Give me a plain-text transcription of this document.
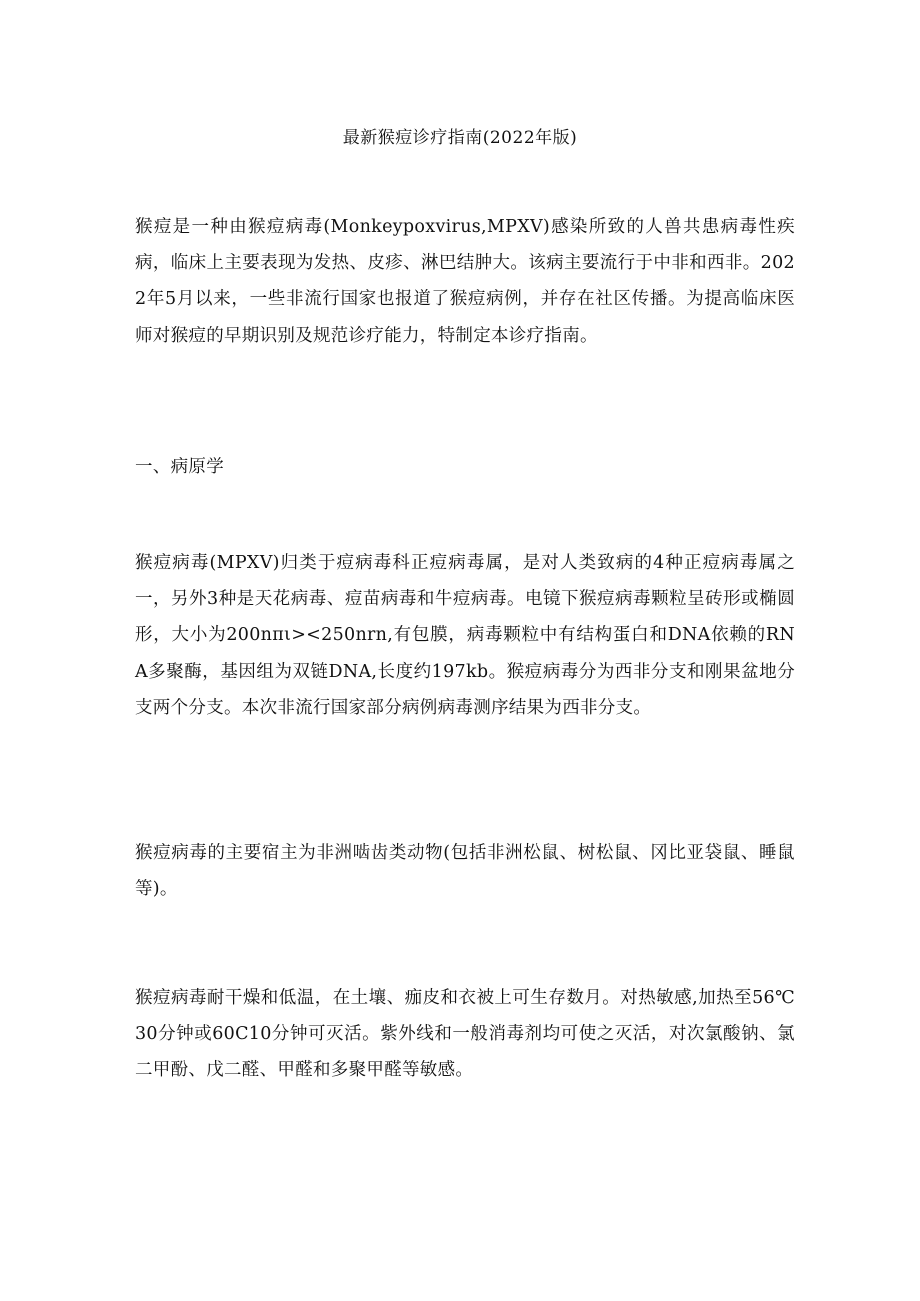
最新猴痘诊疗指南(2022年版)

猴痘是一种由猴痘病毒(Monkeypoxvirus,MPXV)感染所致的人兽共患病毒性疾病，临床上主要表现为发热、皮疹、淋巴结肿大。该病主要流行于中非和西非。2022年5月以来，一些非流行国家也报道了猴痘病例，并存在社区传播。为提高临床医师对猴痘的早期识别及规范诊疗能力，特制定本诊疗指南。

一、病原学

猴痘病毒(MPXV)归类于痘病毒科正痘病毒属，是对人类致病的4种正痘病毒属之一，另外3种是天花病毒、痘苗病毒和牛痘病毒。电镜下猴痘病毒颗粒呈砖形或椭圆形，大小为200nπι><250nrn,有包膜，病毒颗粒中有结构蛋白和DNA依赖的RNA多聚酶，基因组为双链DNA,长度约197kb。猴痘病毒分为西非分支和刚果盆地分支两个分支。本次非流行国家部分病例病毒测序结果为西非分支。

猴痘病毒的主要宿主为非洲啮齿类动物(包括非洲松鼠、树松鼠、冈比亚袋鼠、睡鼠等)。

猴痘病毒耐干燥和低温，在土壤、痂皮和衣被上可生存数月。对热敏感,加热至56℃30分钟或60C10分钟可灭活。紫外线和一般消毒剂均可使之灭活，对次氯酸钠、氯二甲酚、戊二醛、甲醛和多聚甲醛等敏感。
